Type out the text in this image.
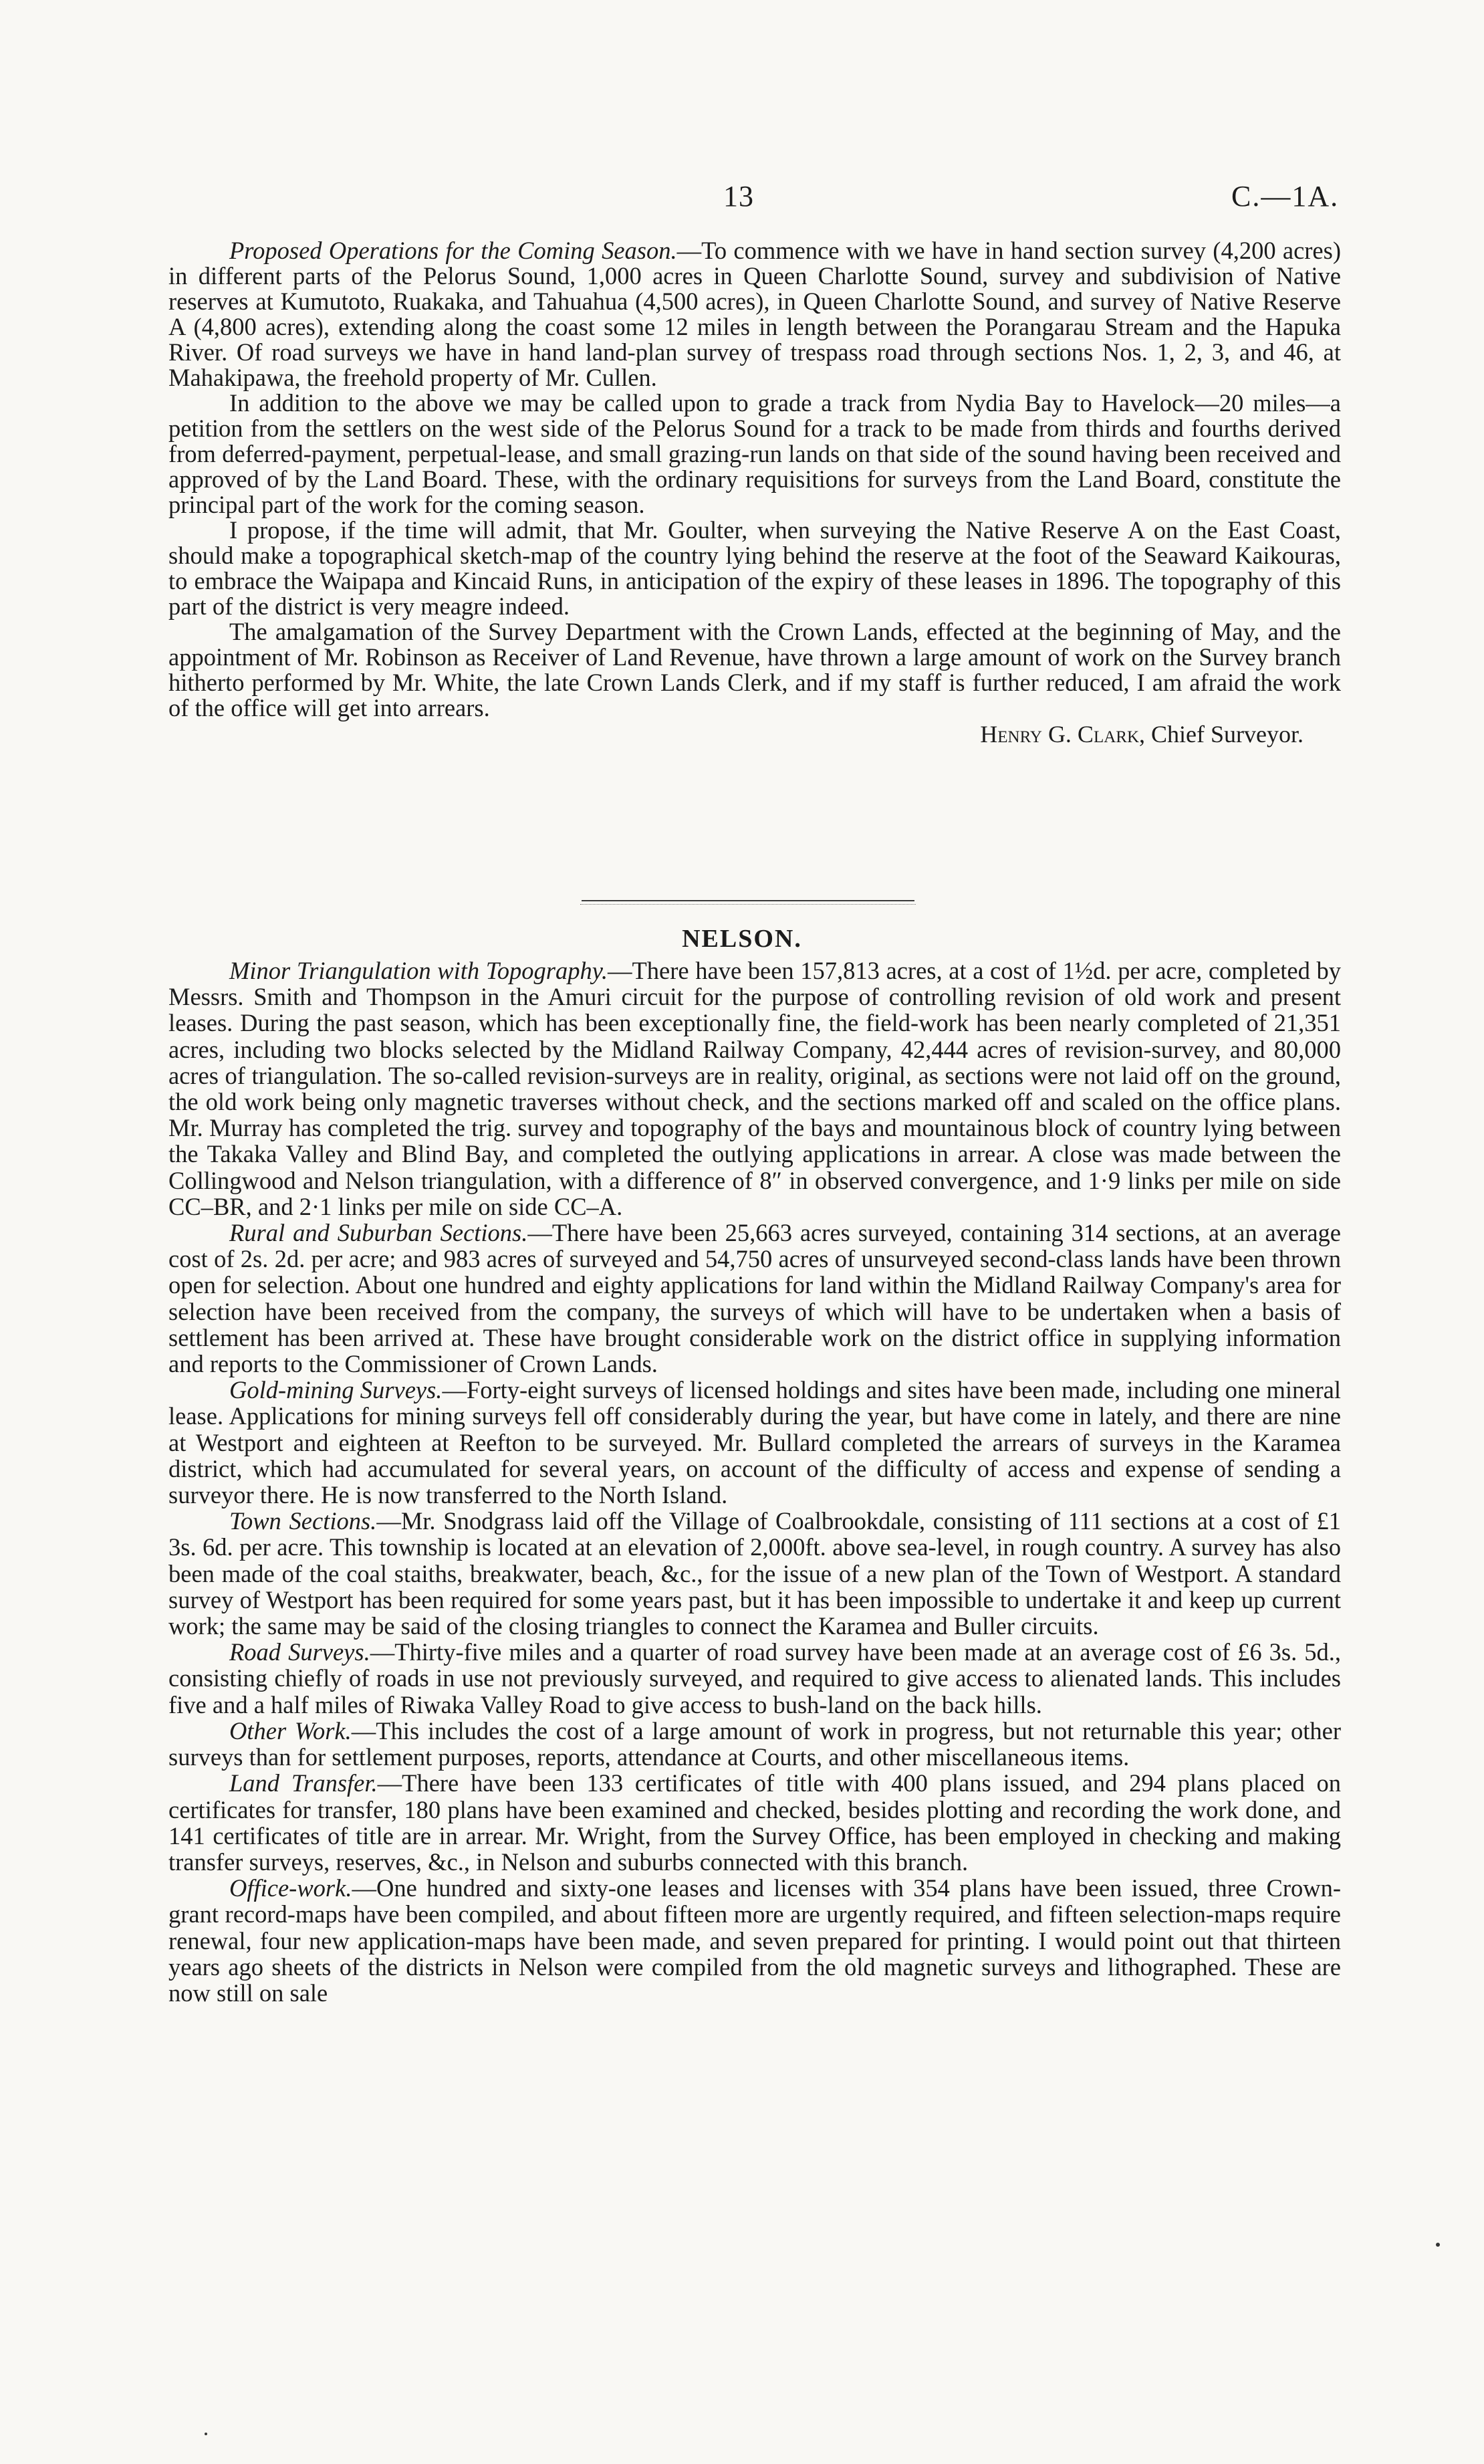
13	C.—1A.

Proposed Operations for the Coming Season.—To commence with we have in hand section survey (4,200 acres) in different parts of the Pelorus Sound, 1,000 acres in Queen Charlotte Sound, survey and subdivision of Native reserves at Kumutoto, Ruakaka, and Tahuahua (4,500 acres), in Queen Charlotte Sound, and survey of Native Reserve A (4,800 acres), extending along the coast some 12 miles in length between the Porangarau Stream and the Hapuka River. Of road surveys we have in hand land-plan survey of trespass road through sections Nos. 1, 2, 3, and 46, at Mahakipawa, the freehold property of Mr. Cullen.

In addition to the above we may be called upon to grade a track from Nydia Bay to Havelock—20 miles—a petition from the settlers on the west side of the Pelorus Sound for a track to be made from thirds and fourths derived from deferred-payment, perpetual-lease, and small grazing-run lands on that side of the sound having been received and approved of by the Land Board. These, with the ordinary requisitions for surveys from the Land Board, constitute the principal part of the work for the coming season.

I propose, if the time will admit, that Mr. Goulter, when surveying the Native Reserve A on the East Coast, should make a topographical sketch-map of the country lying behind the reserve at the foot of the Seaward Kaikouras, to embrace the Waipapa and Kincaid Runs, in anticipation of the expiry of these leases in 1896. The topography of this part of the district is very meagre indeed.

The amalgamation of the Survey Department with the Crown Lands, effected at the beginning of May, and the appointment of Mr. Robinson as Receiver of Land Revenue, have thrown a large amount of work on the Survey branch hitherto performed by Mr. White, the late Crown Lands Clerk, and if my staff is further reduced, I am afraid the work of the office will get into arrears.

Henry G. Clark, Chief Surveyor.

NELSON.

Minor Triangulation with Topography.—There have been 157,813 acres, at a cost of 1½d. per acre, completed by Messrs. Smith and Thompson in the Amuri circuit for the purpose of controlling revision of old work and present leases. During the past season, which has been exceptionally fine, the field-work has been nearly completed of 21,351 acres, including two blocks selected by the Midland Railway Company, 42,444 acres of revision-survey, and 80,000 acres of triangulation. The so-called revision-surveys are in reality, original, as sections were not laid off on the ground, the old work being only magnetic traverses without check, and the sections marked off and scaled on the office plans. Mr. Murray has completed the trig. survey and topography of the bays and mountainous block of country lying between the Takaka Valley and Blind Bay, and completed the outlying applications in arrear. A close was made between the Collingwood and Nelson triangulation, with a difference of 8″ in observed convergence, and 1·9 links per mile on side CC–BR, and 2·1 links per mile on side CC–A.

Rural and Suburban Sections.—There have been 25,663 acres surveyed, containing 314 sections, at an average cost of 2s. 2d. per acre; and 983 acres of surveyed and 54,750 acres of unsurveyed second-class lands have been thrown open for selection. About one hundred and eighty applications for land within the Midland Railway Company's area for selection have been received from the company, the surveys of which will have to be undertaken when a basis of settlement has been arrived at. These have brought considerable work on the district office in supplying information and reports to the Commissioner of Crown Lands.

Gold-mining Surveys.—Forty-eight surveys of licensed holdings and sites have been made, including one mineral lease. Applications for mining surveys fell off considerably during the year, but have come in lately, and there are nine at Westport and eighteen at Reefton to be surveyed. Mr. Bullard completed the arrears of surveys in the Karamea district, which had accumulated for several years, on account of the difficulty of access and expense of sending a surveyor there. He is now transferred to the North Island.

Town Sections.—Mr. Snodgrass laid off the Village of Coalbrookdale, consisting of 111 sections at a cost of £1 3s. 6d. per acre. This township is located at an elevation of 2,000ft. above sea-level, in rough country. A survey has also been made of the coal staiths, breakwater, beach, &c., for the issue of a new plan of the Town of Westport. A standard survey of Westport has been required for some years past, but it has been impossible to undertake it and keep up current work; the same may be said of the closing triangles to connect the Karamea and Buller circuits.

Road Surveys.—Thirty-five miles and a quarter of road survey have been made at an average cost of £6 3s. 5d., consisting chiefly of roads in use not previously surveyed, and required to give access to alienated lands. This includes five and a half miles of Riwaka Valley Road to give access to bush-land on the back hills.

Other Work.—This includes the cost of a large amount of work in progress, but not returnable this year; other surveys than for settlement purposes, reports, attendance at Courts, and other miscellaneous items.

Land Transfer.—There have been 133 certificates of title with 400 plans issued, and 294 plans placed on certificates for transfer, 180 plans have been examined and checked, besides plotting and recording the work done, and 141 certificates of title are in arrear. Mr. Wright, from the Survey Office, has been employed in checking and making transfer surveys, reserves, &c., in Nelson and suburbs connected with this branch.

Office-work.—One hundred and sixty-one leases and licenses with 354 plans have been issued, three Crown-grant record-maps have been compiled, and about fifteen more are urgently required, and fifteen selection-maps require renewal, four new application-maps have been made, and seven prepared for printing. I would point out that thirteen years ago sheets of the districts in Nelson were compiled from the old magnetic surveys and lithographed. These are now still on sale
